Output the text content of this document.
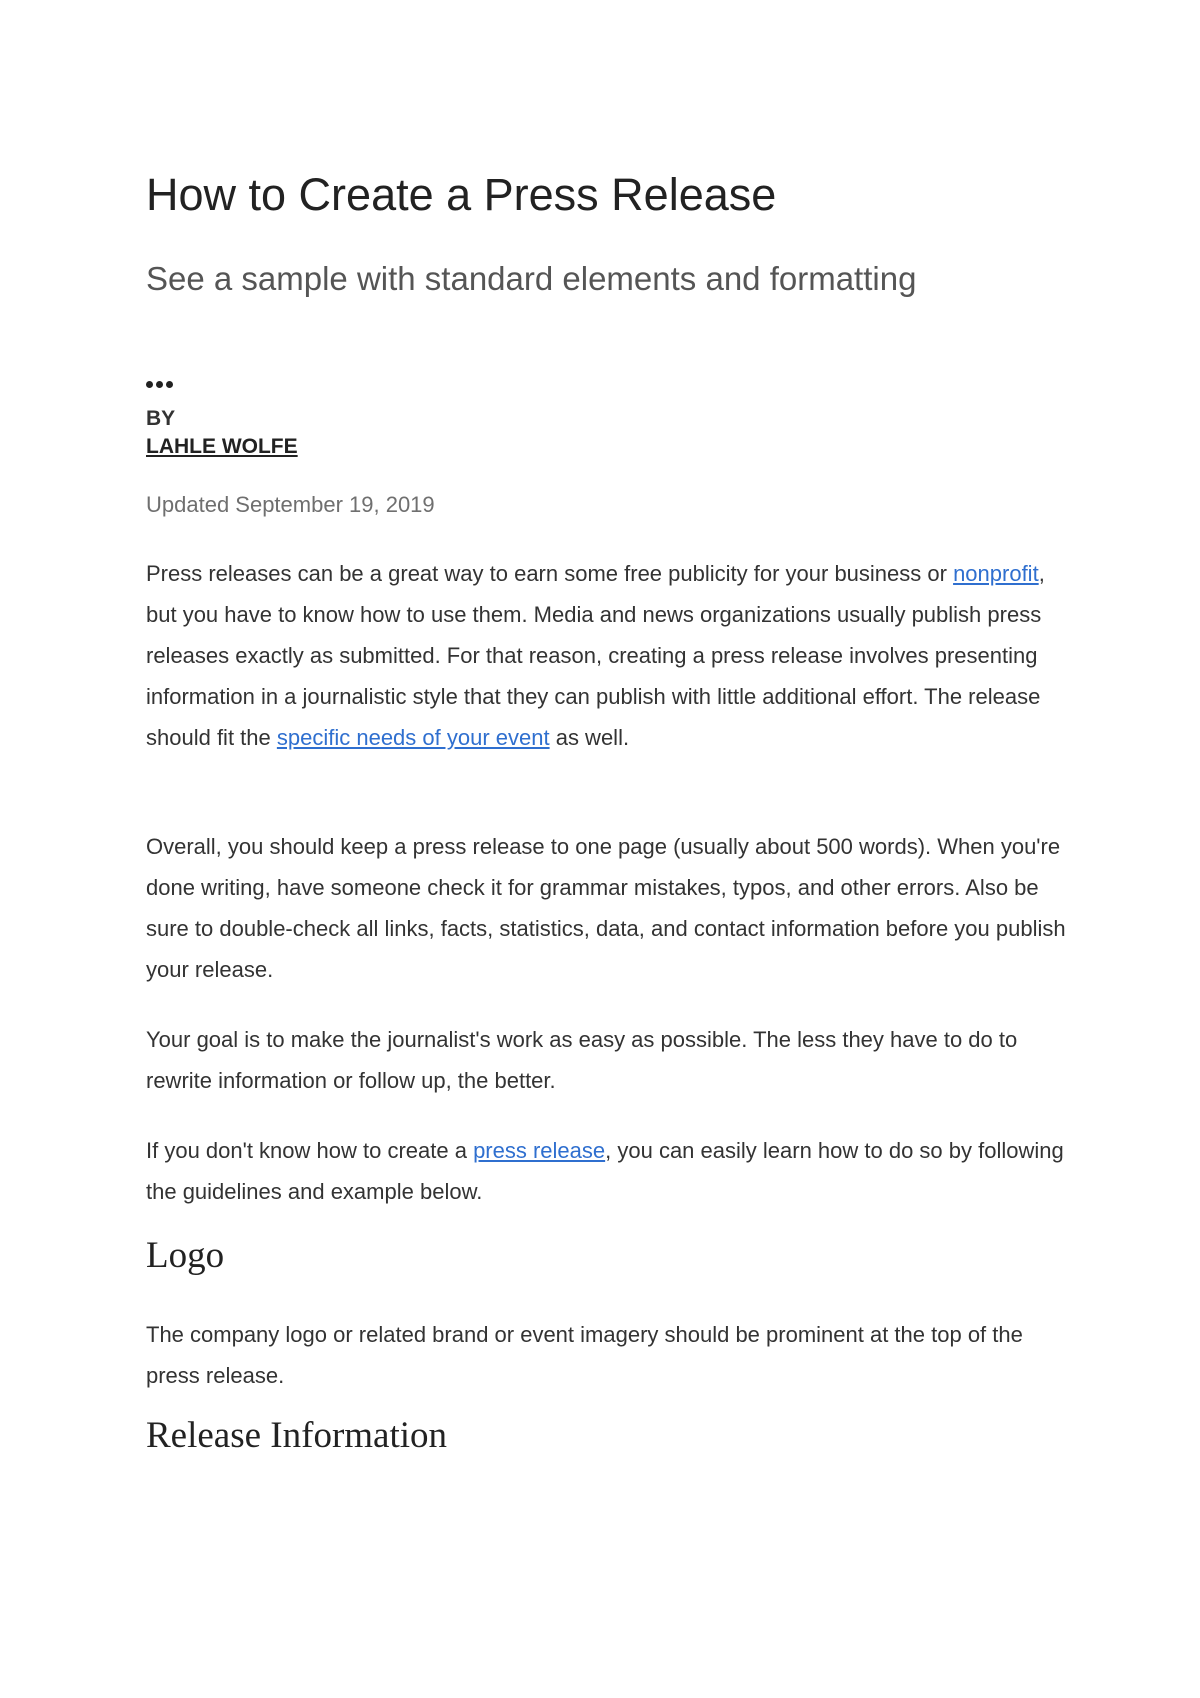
How to Create a Press Release
See a sample with standard elements and formatting
BY
LAHLE WOLFE
Updated September 19, 2019

Press releases can be a great way to earn some free publicity for your business or nonprofit, but you have to know how to use them. Media and news organizations usually publish press releases exactly as submitted. For that reason, creating a press release involves presenting information in a journalistic style that they can publish with little additional effort. The release should fit the specific needs of your event as well.

Overall, you should keep a press release to one page (usually about 500 words). When you're done writing, have someone check it for grammar mistakes, typos, and other errors. Also be sure to double-check all links, facts, statistics, data, and contact information before you publish your release.

Your goal is to make the journalist's work as easy as possible. The less they have to do to rewrite information or follow up, the better.

If you don't know how to create a press release, you can easily learn how to do so by following the guidelines and example below.

Logo

The company logo or related brand or event imagery should be prominent at the top of the press release.

Release Information
